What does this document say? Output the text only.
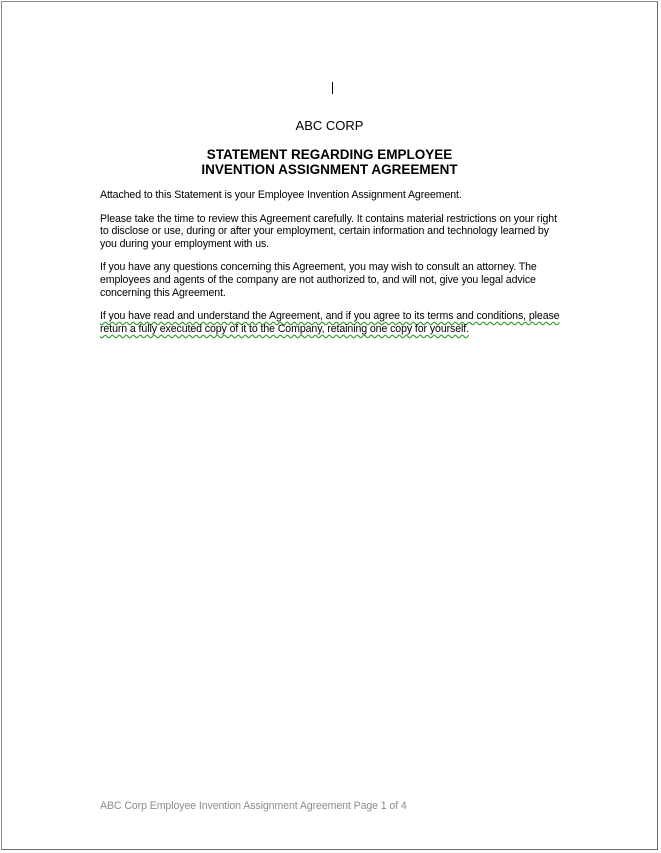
ABC CORP
STATEMENT REGARDING EMPLOYEE
INVENTION ASSIGNMENT AGREEMENT

Attached to this Statement is your Employee Invention Assignment Agreement.

Please take the time to review this Agreement carefully. It contains material restrictions on your right to disclose or use, during or after your employment, certain information and technology learned by you during your employment with us.

If you have any questions concerning this Agreement, you may wish to consult an attorney. The employees and agents of the company are not authorized to, and will not, give you legal advice concerning this Agreement.

If you have read and understand the Agreement, and if you agree to its terms and conditions, please return a fully executed copy of it to the Company, retaining one copy for yourself.

ABC Corp Employee Invention Assignment Agreement Page 1 of 4
